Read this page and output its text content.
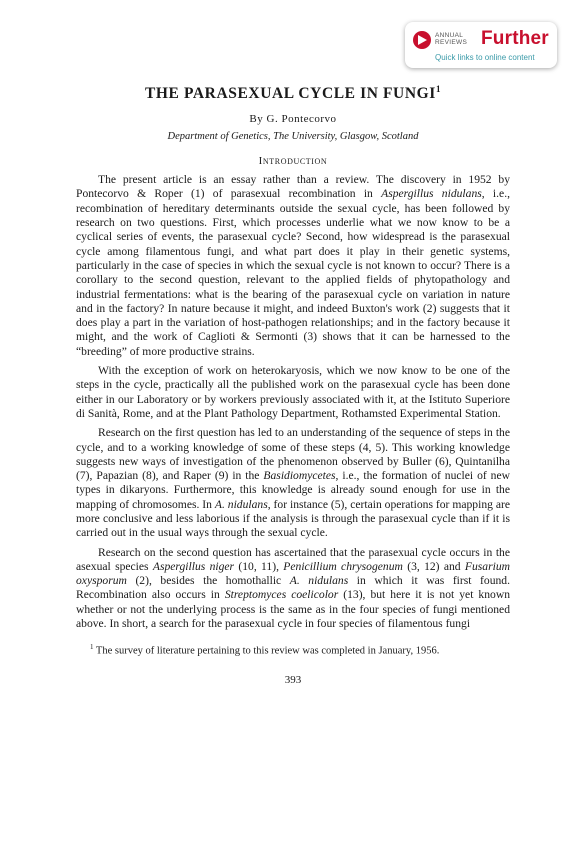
ANNUAL
REVIEWS Further
Quick links to online content
THE PARASEXUAL CYCLE IN FUNGI$^1$
By G. Pontecorvo
Department of Genetics, The University, Glasgow, Scotland
Introduction

The present article is an essay rather than a review. The discovery in 1952 by Pontecorvo & Roper (1) of parasexual recombination in Aspergillus nidulans, i.e., recombination of hereditary determinants outside the sexual cycle, has been followed by research on two questions. First, which processes underlie what we now know to be a cyclical series of events, the parasexual cycle? Second, how widespread is the parasexual cycle among filamentous fungi, and what part does it play in their genetic systems, particularly in the case of species in which the sexual cycle is not known to occur? There is a corollary to the second question, relevant to the applied fields of phytopathology and industrial fermentations: what is the bearing of the parasexual cycle on variation in nature and in the factory? In nature because it might, and indeed Buxton's work (2) suggests that it does play a part in the variation of host-pathogen relationships; and in the factory because it might, and the work of Caglioti & Sermonti (3) shows that it can be harnessed to the “breeding” of more productive strains.

With the exception of work on heterokaryosis, which we now know to be one of the steps in the cycle, practically all the published work on the parasexual cycle has been done either in our Laboratory or by workers previously associated with it, at the Istituto Superiore di Sanità, Rome, and at the Plant Pathology Department, Rothamsted Experimental Station.

Research on the first question has led to an understanding of the sequence of steps in the cycle, and to a working knowledge of some of these steps (4, 5). This working knowledge suggests new ways of investigation of the phenomenon observed by Buller (6), Quintanilha (7), Papazian (8), and Raper (9) in the Basidiomycetes, i.e., the formation of nuclei of new types in dikaryons. Furthermore, this knowledge is already sound enough for use in the mapping of chromosomes. In A. nidulans, for instance (5), certain operations for mapping are more conclusive and less laborious if the analysis is through the parasexual cycle than if it is carried out in the usual ways through the sexual cycle.

Research on the second question has ascertained that the parasexual cycle occurs in the asexual species Aspergillus niger (10, 11), Penicillium chrysogenum (3, 12) and Fusarium oxysporum (2), besides the homothallic A. nidulans in which it was first found. Recombination also occurs in Streptomyces coelicolor (13), but here it is not yet known whether or not the underlying process is the same as in the four species of fungi mentioned above. In short, a search for the parasexual cycle in four species of filamentous fungi

$^1$ The survey of literature pertaining to this review was completed in January, 1956.

393
